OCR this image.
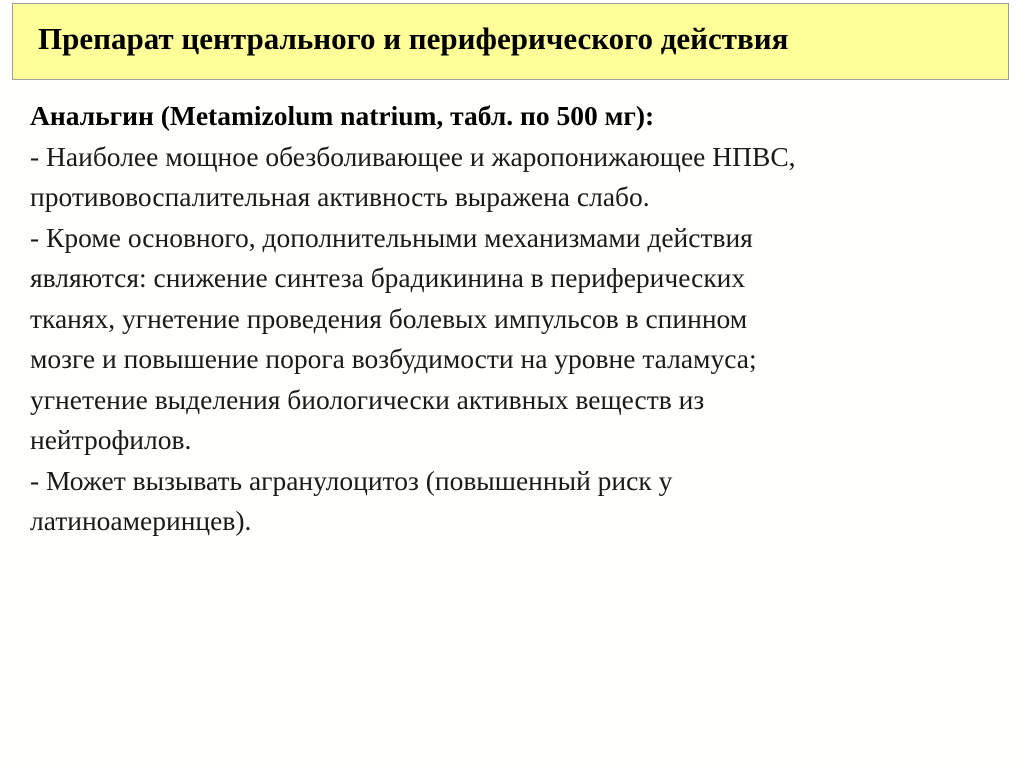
Препарат центрального и периферического действия
Анальгин (Metamizolum natrium, табл. по 500 мг):
- Наиболее мощное обезболивающее и жаропонижающее НПВС,
противовоспалительная активность выражена слабо.
- Кроме основного, дополнительными механизмами действия
являются: снижение синтеза брадикинина в периферических
тканях, угнетение проведения болевых импульсов в спинном
мозге и повышение порога возбудимости на уровне таламуса;
угнетение выделения биологически активных веществ из
нейтрофилов.
- Может вызывать агранулоцитоз (повышенный риск у
латиноамеринцев).
